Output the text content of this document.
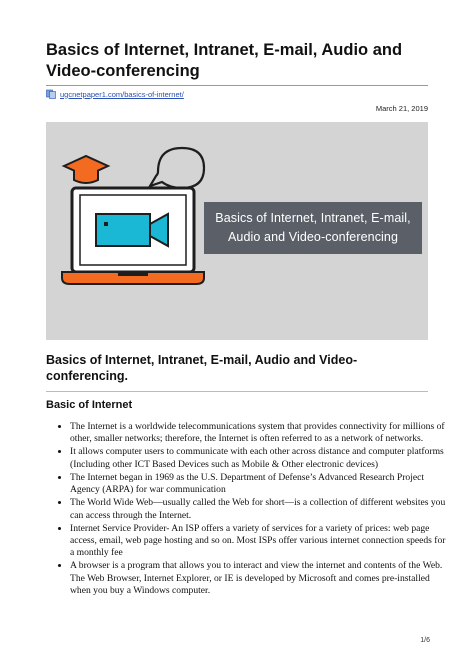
Basics of Internet, Intranet, E-mail, Audio and Video-conferencing
ugcnetpaper1.com/basics-of-internet/
March 21, 2019
Basics of Internet, Intranet, E-mail, Audio and Video-conferencing
Basics of Internet, Intranet, E-mail, Audio and Video-conferencing.
Basic of Internet
• The Internet is a worldwide telecommunications system that provides connectivity for millions of other, smaller networks; therefore, the Internet is often referred to as a network of networks.
• It allows computer users to communicate with each other across distance and computer platforms (Including other ICT Based Devices such as Mobile & Other electronic devices)
• The Internet began in 1969 as the U.S. Department of Defense’s Advanced Research Project Agency (ARPA) for war communication
• The World Wide Web—usually called the Web for short—is a collection of different websites you can access through the Internet.
• Internet Service Provider- An ISP offers a variety of services for a variety of prices: web page access, email, web page hosting and so on. Most ISPs offer various internet connection speeds for a monthly fee
• A browser is a program that allows you to interact and view the internet and contents of the Web. The Web Browser, Internet Explorer, or IE is developed by Microsoft and comes pre-installed when you buy a Windows computer.
1/6
